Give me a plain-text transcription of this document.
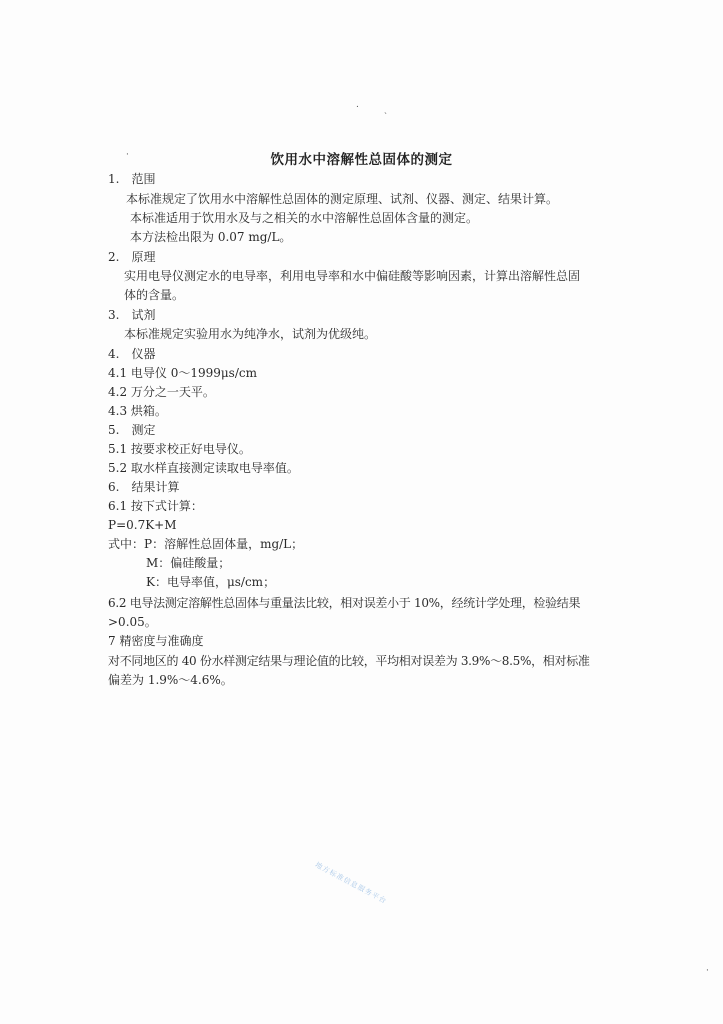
.	ˏ
·
·
饮用水中溶解性总固体的测定
1.　范围
本标准规定了饮用水中溶解性总固体的测定原理、试剂、仪器、测定、结果计算。
本标准适用于饮用水及与之相关的水中溶解性总固体含量的测定。
本方法检出限为 0.07 mg/L。
2.　原理
实用电导仪测定水的电导率，利用电导率和水中偏硅酸等影响因素，计算出溶解性总固
体的含量。
3.　试剂
本标准规定实验用水为纯净水，试剂为优级纯。
4.　仪器
4.1 电导仪 0～1999μs/cm
4.2 万分之一天平。
4.3 烘箱。
5.　测定
5.1 按要求校正好电导仪。
5.2 取水样直接测定读取电导率值。
6.　结果计算
6.1 按下式计算：
P=0.7K+M
式中：P：溶解性总固体量，mg/L；
M：偏硅酸量；
K：电导率值，μs/cm；
6.2 电导法测定溶解性总固体与重量法比较，相对误差小于 10%，经统计学处理，检验结果
>0.05。
7 精密度与准确度
对不同地区的 40 份水样测定结果与理论值的比较，平均相对误差为 3.9%～8.5%，相对标准
偏差为 1.9%～4.6%。
地方标准信息服务平台
